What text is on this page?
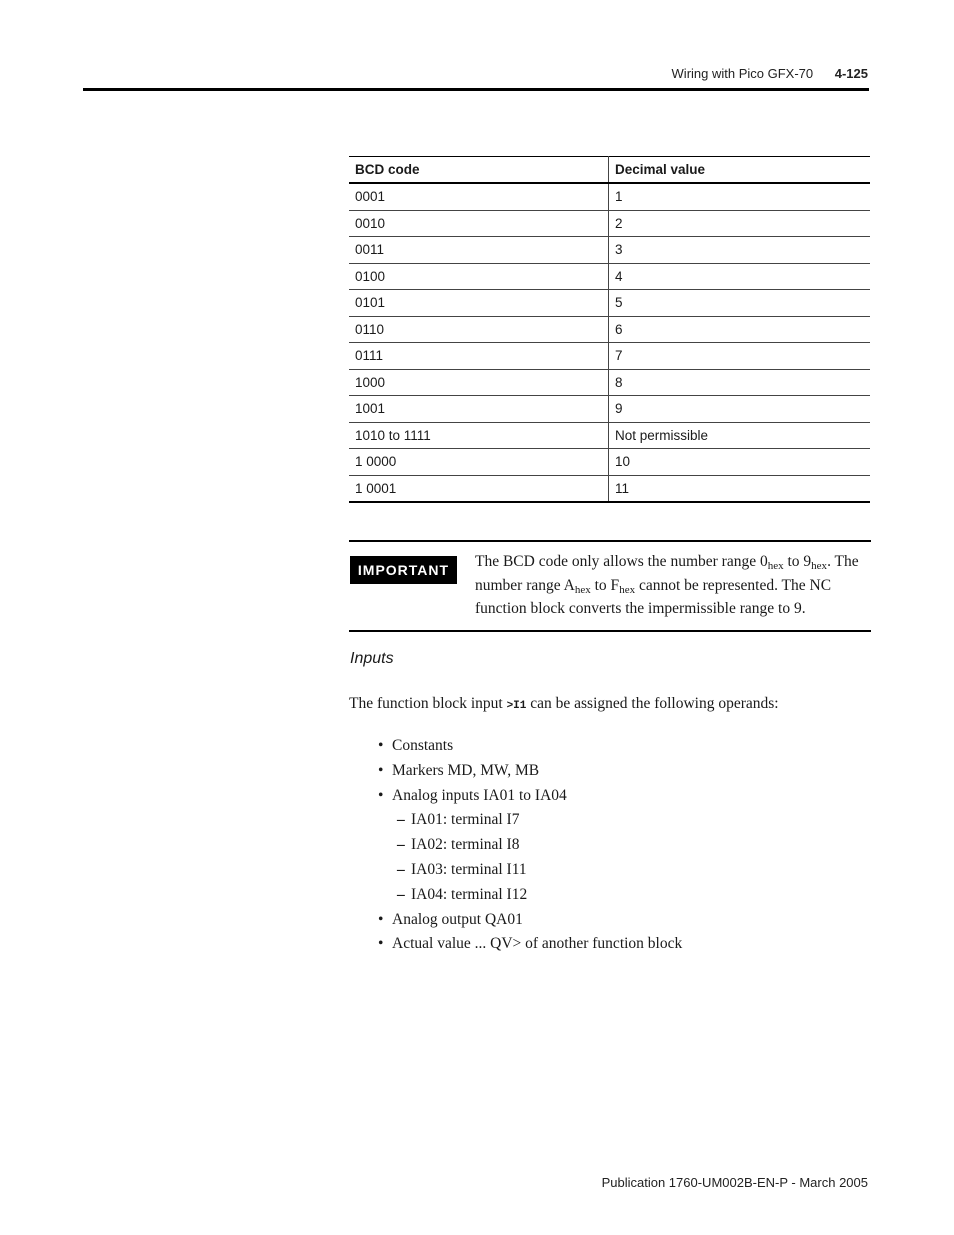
Wiring with Pico GFX-70 4-125
BCD code	Decimal value
0001	1
0010	2
0011	3
0100	4
0101	5
0110	6
0111	7
1000	8
1001	9
1010 to 1111	Not permissible
1 0000	10
1 0001	11
IMPORTANT	The BCD code only allows the number range $0_{hex}$ to $9_{hex}$. The number range $A_{hex}$ to $F_{hex}$ cannot be represented. The NC function block converts the impermissible range to 9.
Inputs
The function block input >I1 can be assigned the following operands:
• Constants
• Markers MD, MW, MB
• Analog inputs IA01 to IA04
– IA01: terminal I7
– IA02: terminal I8
– IA03: terminal I11
– IA04: terminal I12
• Analog output QA01
• Actual value ... QV> of another function block
Publication 1760-UM002B-EN-P - March 2005
